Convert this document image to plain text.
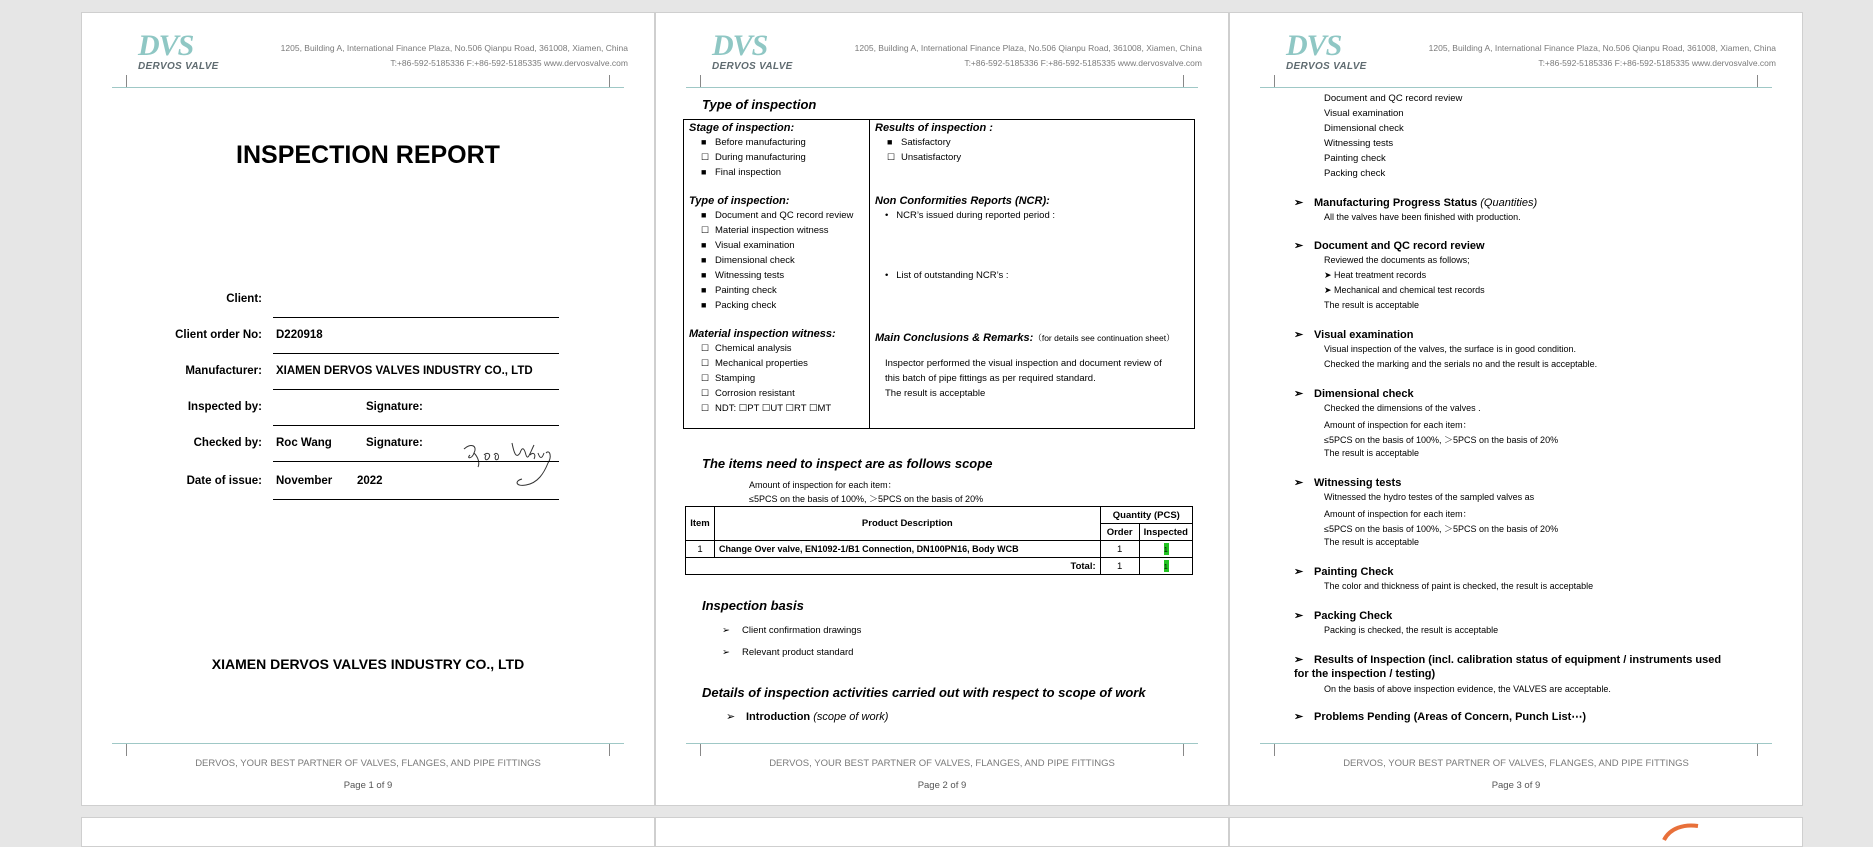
DVS
DERVOS VALVE
1205, Building A, International Finance Plaza, No.506 Qianpu Road, 361008, Xiamen, China
T:+86-592-5185336 F:+86-592-5185335 www.dervosvalve.com
INSPECTION REPORT
Client:
Client order No: D220918
Manufacturer: XIAMEN DERVOS VALVES INDUSTRY CO., LTD
Inspected by:	Signature:
Checked by: Roc Wang	Signature:
Date of issue: November 2022
XIAMEN DERVOS VALVES INDUSTRY CO., LTD
DERVOS, YOUR BEST PARTNER OF VALVES, FLANGES, AND PIPE FITTINGS
Page 1 of 9
DVS
DERVOS VALVE
1205, Building A, International Finance Plaza, No.506 Qianpu Road, 361008, Xiamen, China
T:+86-592-5185336 F:+86-592-5185335 www.dervosvalve.com
Type of inspection
Stage of inspection:
■ Before manufacturing
☐ During manufacturing
■ Final inspection
Type of inspection:
■ Document and QC record review
☐ Material inspection witness
■ Visual examination
■ Dimensional check
■ Witnessing tests
■ Painting check
■ Packing check
Material inspection witness:
☐ Chemical analysis
☐ Mechanical properties
☐ Stamping
☐ Corrosion resistant
☐ NDT: ☐PT ☐UT ☐RT ☐MT
Results of inspection :
■ Satisfactory
☐ Unsatisfactory
Non Conformities Reports (NCR):
•   NCR’s issued during reported period :
•   List of outstanding NCR’s :
Main Conclusions & Remarks:（for details see continuation sheet）
Inspector performed the visual inspection and document review of
this batch of pipe fittings as per required standard.
The result is acceptable
The items need to inspect are as follows scope
Amount of inspection for each item：
≤5PCS on the basis of 100%, ＞5PCS on the basis of 20%
Item	Product Description	Quantity (PCS)	
		Order	Inspected
1	Change Over valve, EN1092-1/B1 Connection, DN100PN16, Body WCB	1	1
Total:		1	1
Inspection basis
➢ Client confirmation drawings
➢ Relevant product standard
Details of inspection activities carried out with respect to scope of work
➢ Introduction (scope of work)
DERVOS, YOUR BEST PARTNER OF VALVES, FLANGES, AND PIPE FITTINGS
Page 2 of 9
DVS
DERVOS VALVE
1205, Building A, International Finance Plaza, No.506 Qianpu Road, 361008, Xiamen, China
T:+86-592-5185336 F:+86-592-5185335 www.dervosvalve.com
Document and QC record review
Visual examination
Dimensional check
Witnessing tests
Painting check
Packing check
➢ Manufacturing Progress Status (Quantities)
All the valves have been finished with production.
➢ Document and QC record review
Reviewed the documents as follows;
➤ Heat treatment records
➤ Mechanical and chemical test records
The result is acceptable
➢ Visual examination
Visual inspection of the valves, the surface is in good condition.
Checked the marking and the serials no and the result is acceptable.
➢ Dimensional check
Checked the dimensions of the valves .
Amount of inspection for each item：
≤5PCS on the basis of 100%, ＞5PCS on the basis of 20%
The result is acceptable
➢ Witnessing tests
Witnessed the hydro testes of the sampled valves as
Amount of inspection for each item：
≤5PCS on the basis of 100%, ＞5PCS on the basis of 20%
The result is acceptable
➢ Painting Check
The color and thickness of paint is checked, the result is acceptable
➢ Packing Check
Packing is checked, the result is acceptable
➢ Results of Inspection (incl. calibration status of equipment / instruments used
for the inspection / testing)
On the basis of above inspection evidence, the VALVES are acceptable.
➢ Problems Pending (Areas of Concern, Punch List⋯)
DERVOS, YOUR BEST PARTNER OF VALVES, FLANGES, AND PIPE FITTINGS
Page 3 of 9
